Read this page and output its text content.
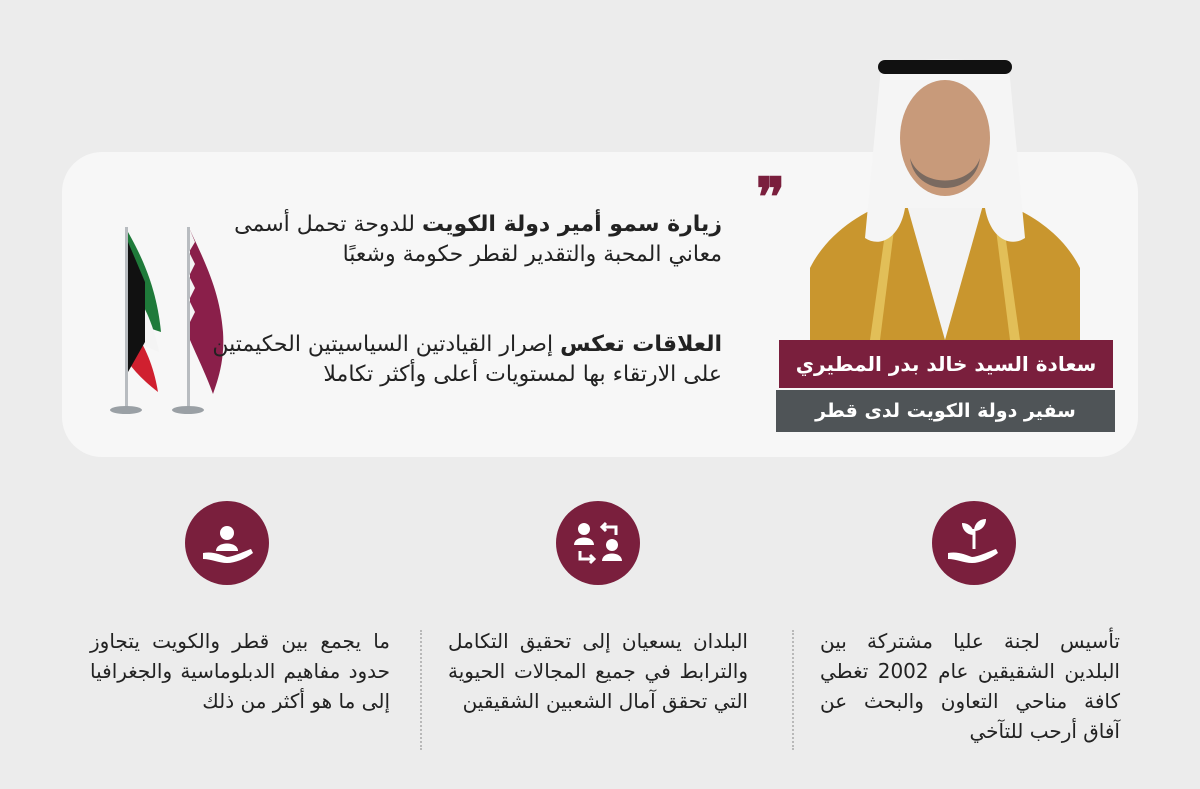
❞
زيارة سمو أمير دولة الكويت للدوحة تحمل أسمى معاني المحبة والتقدير لقطر حكومة وشعبًا
العلاقات تعكس إصرار القيادتين السياسيتين الحكيمتين على الارتقاء بها لمستويات أعلى وأكثر تكاملا	سعادة السيد خالد بدر المطيري
سفير دولة الكويت لدى قطر
تأسيس لجنة عليا مشتركة بين البلدين الشقيقين عام 2002 تغطي كافة مناحي التعاون والبحث عن آفاق أرحب للتآخي
البلدان يسعيان إلى تحقيق التكامل والترابط في جميع المجالات الحيوية التي تحقق آمال الشعبين الشقيقين
ما يجمع بين قطر والكويت يتجاوز حدود مفاهيم الدبلوماسية والجغرافيا إلى ما هو أكثر من ذلك
